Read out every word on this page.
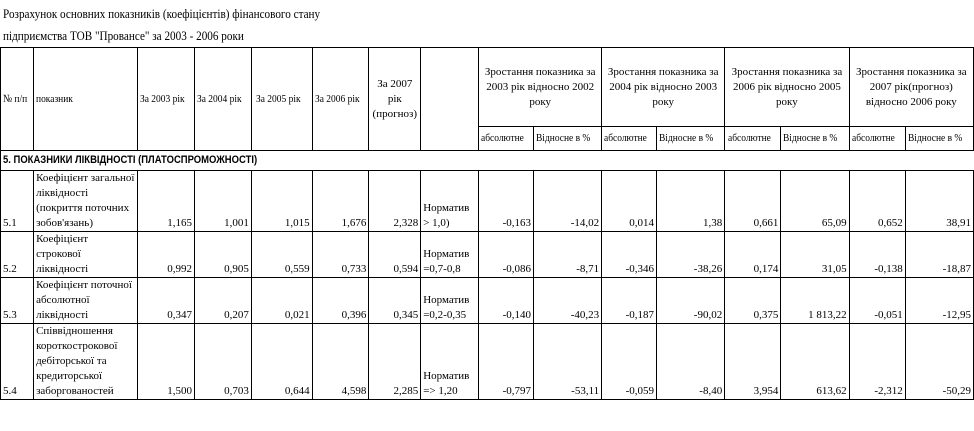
Розрахунок основних показників (коефіцієнтів) фінансового стану
підприємства ТОВ "Провансе" за 2003 - 2006 роки
№ п/п	показник	За 2003 рік	За 2004 рік	За 2005 рік	За 2006 рік	За 2007 рік (прогноз)		Зростання показника за 2003 рік відносно 2002 року		Зростання показника за 2004 рік відносно 2003 року		Зростання показника за 2006 рік відносно 2005 року		Зростання показника за 2007 рік(прогноз) відносно 2006 року	

								абсолютне	Відносне в %	абсолютне	Відносне в %	абсолютне	Відносне в %	абсолютне	Відносне в %
5. ПОКАЗНИКИ ЛІКВІДНОСТІ (ПЛАТОСПРОМОЖНОСТІ)															
5.1	Коефіцієнт загальної ліквідності (покриття поточних зобов'язань)	1,165	1,001	1,015	1,676	2,328	Норматив > 1,0)	-0,163	-14,02	0,014	1,38	0,661	65,09	0,652	38,91
5.2	Коефіцієнт строкової ліквідності	0,992	0,905	0,559	0,733	0,594	Норматив =0,7-0,8	-0,086	-8,71	-0,346	-38,26	0,174	31,05	-0,138	-18,87
5.3	Коефіцієнт поточної абсолютної ліквідності	0,347	0,207	0,021	0,396	0,345	Норматив =0,2-0,35	-0,140	-40,23	-0,187	-90,02	0,375	1 813,22	-0,051	-12,95
5.4	Співвідношення короткострокової дебіторської та кредиторської заборгованостей	1,500	0,703	0,644	4,598	2,285	Норматив => 1,20	-0,797	-53,11	-0,059	-8,40	3,954	613,62	-2,312	-50,29
